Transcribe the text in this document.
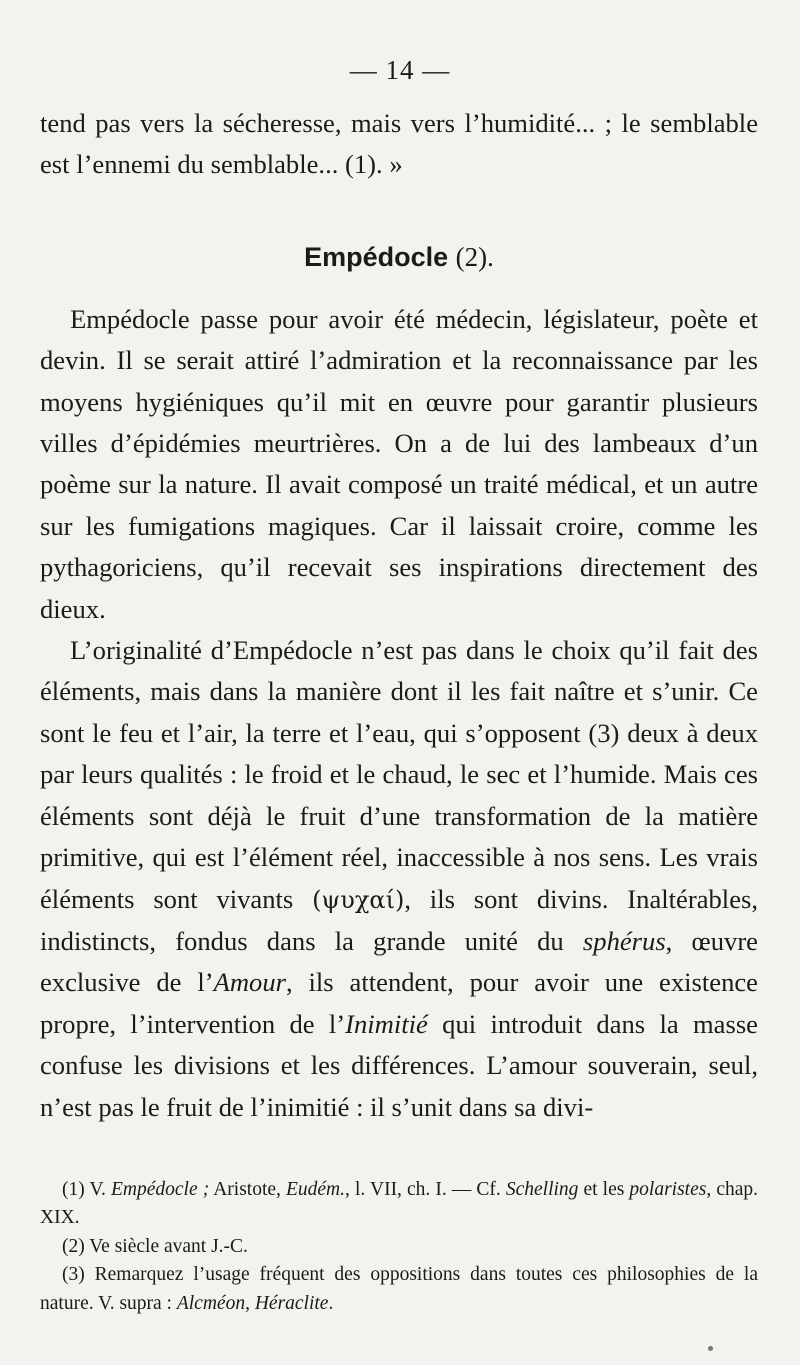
— 14 —

tend pas vers la sécheresse, mais vers l’humidité... ; le semblable est l’ennemi du semblable... (1). »

Empédocle (2).

Empédocle passe pour avoir été médecin, législateur, poète et devin. Il se serait attiré l’admiration et la reconnaissance par les moyens hygiéniques qu’il mit en œuvre pour garantir plusieurs villes d’épidémies meurtrières. On a de lui des lambeaux d’un poème sur la nature. Il avait composé un traité médical, et un autre sur les fumigations magiques. Car il laissait croire, comme les pythagoriciens, qu’il recevait ses inspirations directement des dieux.

L’originalité d’Empédocle n’est pas dans le choix qu’il fait des éléments, mais dans la manière dont il les fait naître et s’unir. Ce sont le feu et l’air, la terre et l’eau, qui s’opposent (3) deux à deux par leurs qualités : le froid et le chaud, le sec et l’humide. Mais ces éléments sont déjà le fruit d’une transformation de la matière primitive, qui est l’élément réel, inaccessible à nos sens. Les vrais éléments sont vivants (ψυχαί), ils sont divins. Inaltérables, indistincts, fondus dans la grande unité du sphérus, œuvre exclusive de l’Amour, ils attendent, pour avoir une existence propre, l’intervention de l’Inimitié qui introduit dans la masse confuse les divisions et les différences. L’amour souverain, seul, n’est pas le fruit de l’inimitié : il s’unit dans sa divi-

(1) V. Empédocle ; Aristote, Eudém., l. VII, ch. I. — Cf. Schelling et les polaristes, chap. XIX.

(2) Ve siècle avant J.-C.

(3) Remarquez l’usage fréquent des oppositions dans toutes ces philosophies de la nature. V. supra : Alcméon, Héraclite.
